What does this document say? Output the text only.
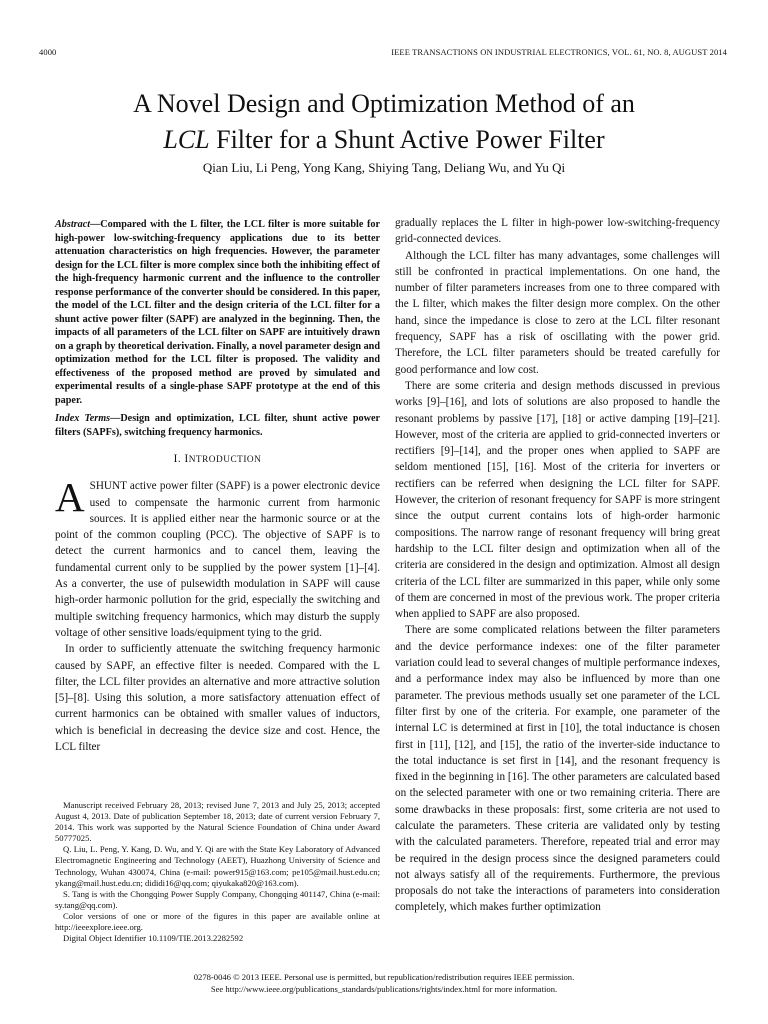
4000	IEEE TRANSACTIONS ON INDUSTRIAL ELECTRONICS, VOL. 61, NO. 8, AUGUST 2014
A Novel Design and Optimization Method of an
LCL Filter for a Shunt Active Power Filter
Qian Liu, Li Peng, Yong Kang, Shiying Tang, Deliang Wu, and Yu Qi
Abstract—Compared with the L filter, the LCL filter is more suitable for high-power low-switching-frequency applications due to its better attenuation characteristics on high frequencies. However, the parameter design for the LCL filter is more complex since both the inhibiting effect of the high-frequency harmonic current and the influence to the controller response performance of the converter should be considered. In this paper, the model of the LCL filter and the design criteria of the LCL filter for a shunt active power filter (SAPF) are analyzed in the beginning. Then, the impacts of all parameters of the LCL filter on SAPF are intuitively drawn on a graph by theoretical derivation. Finally, a novel parameter design and optimization method for the LCL filter is proposed. The validity and effectiveness of the proposed method are proved by simulated and experimental results of a single-phase SAPF prototype at the end of this paper.
Index Terms—Design and optimization, LCL filter, shunt active power filters (SAPFs), switching frequency harmonics.
I. INTRODUCTION

A SHUNT active power filter (SAPF) is a power electronic device used to compensate the harmonic current from harmonic sources. It is applied either near the harmonic source or at the point of the common coupling (PCC). The objective of SAPF is to detect the current harmonics and to cancel them, leaving the fundamental current only to be supplied by the power system [1]–[4]. As a converter, the use of pulsewidth modulation in SAPF will cause high-order harmonic pollution for the grid, especially the switching and multiple switching frequency harmonics, which may disturb the supply voltage of other sensitive loads/equipment tying to the grid.

In order to sufficiently attenuate the switching frequency harmonic caused by SAPF, an effective filter is needed. Compared with the L filter, the LCL filter provides an alternative and more attractive solution [5]–[8]. Using this solution, a more satisfactory attenuation effect of current harmonics can be obtained with smaller values of inductors, which is beneficial in decreasing the device size and cost. Hence, the LCL filter

Manuscript received February 28, 2013; revised June 7, 2013 and July 25, 2013; accepted August 4, 2013. Date of publication September 18, 2013; date of current version February 7, 2014. This work was supported by the Natural Science Foundation of China under Award 50777025.

Q. Liu, L. Peng, Y. Kang, D. Wu, and Y. Qi are with the State Key Laboratory of Advanced Electromagnetic Engineering and Technology (AEET), Huazhong University of Science and Technology, Wuhan 430074, China (e-mail: power915@163.com; pe105@mail.hust.edu.cn; ykang@mail.hust.edu.cn; dididi16@qq.com; qiyukaka820@163.com).

S. Tang is with the Chongqing Power Supply Company, Chongqing 401147, China (e-mail: sy.tang@qq.com).

Color versions of one or more of the figures in this paper are available online at http://ieeexplore.ieee.org.

Digital Object Identifier 10.1109/TIE.2013.2282592

gradually replaces the L filter in high-power low-switching-frequency grid-connected devices.

Although the LCL filter has many advantages, some challenges will still be confronted in practical implementations. On one hand, the number of filter parameters increases from one to three compared with the L filter, which makes the filter design more complex. On the other hand, since the impedance is close to zero at the LCL filter resonant frequency, SAPF has a risk of oscillating with the power grid. Therefore, the LCL filter parameters should be treated carefully for good performance and low cost.

There are some criteria and design methods discussed in previous works [9]–[16], and lots of solutions are also proposed to handle the resonant problems by passive [17], [18] or active damping [19]–[21]. However, most of the criteria are applied to grid-connected inverters or rectifiers [9]–[14], and the proper ones when applied to SAPF are seldom mentioned [15], [16]. Most of the criteria for inverters or rectifiers can be referred when designing the LCL filter for SAPF. However, the criterion of resonant frequency for SAPF is more stringent since the output current contains lots of high-order harmonic compositions. The narrow range of resonant frequency will bring great hardship to the LCL filter design and optimization when all of the criteria are considered in the design and optimization. Almost all design criteria of the LCL filter are summarized in this paper, while only some of them are concerned in most of the previous work. The proper criteria when applied to SAPF are also proposed.

There are some complicated relations between the filter parameters and the device performance indexes: one of the filter parameter variation could lead to several changes of multiple performance indexes, and a performance index may also be influenced by more than one parameter. The previous methods usually set one parameter of the LCL filter first by one of the criteria. For example, one parameter of the internal LC is determined at first in [10], the total inductance is chosen first in [11], [12], and [15], the ratio of the inverter-side inductance to the total inductance is set first in [14], and the resonant frequency is fixed in the beginning in [16]. The other parameters are calculated based on the selected parameter with one or two remaining criteria. There are some drawbacks in these proposals: first, some criteria are not used to calculate the parameters. These criteria are validated only by testing with the calculated parameters. Therefore, repeated trial and error may be required in the design process since the designed parameters could not always satisfy all of the requirements. Furthermore, the previous proposals do not take the interactions of parameters into consideration completely, which makes further optimization

0278-0046 © 2013 IEEE. Personal use is permitted, but republication/redistribution requires IEEE permission.
See http://www.ieee.org/publications_standards/publications/rights/index.html for more information.
